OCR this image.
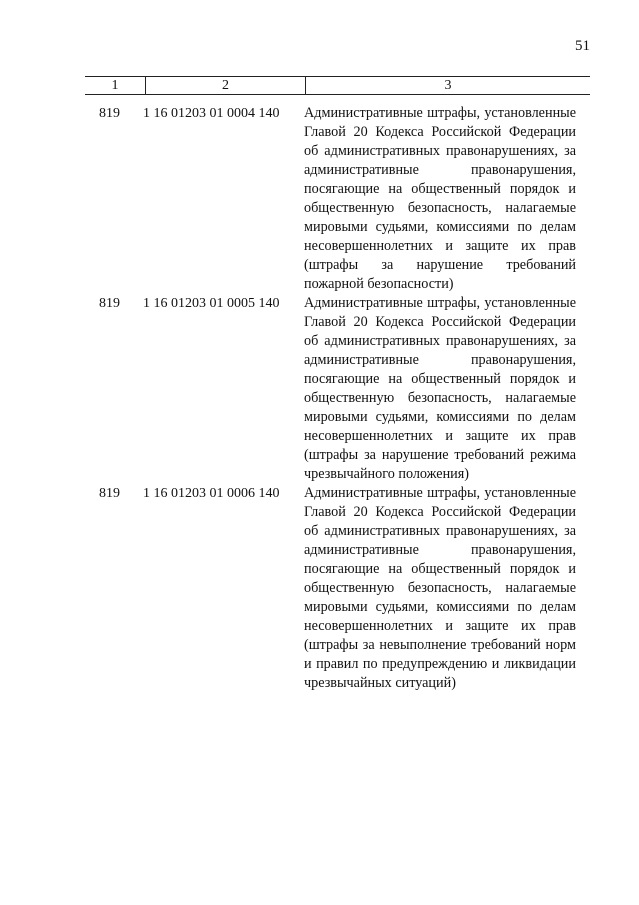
51
1	2	3
819	1 16 01203 01 0004 140	Административные штрафы, установленные Главой 20 Кодекса Российской Федерации об административных правонарушениях, за административные правонарушения, посягающие на общественный порядок и общественную безопасность, налагаемые мировыми судьями, комиссиями по делам несовершеннолетних и защите их прав (штрафы за нарушение требований пожарной безопасности)
819	1 16 01203 01 0005 140	Административные штрафы, установленные Главой 20 Кодекса Российской Федерации об административных правонарушениях, за административные правонарушения, посягающие на общественный порядок и общественную безопасность, налагаемые мировыми судьями, комиссиями по делам несовершеннолетних и защите их прав (штрафы за нарушение требований режима чрезвычайного положения)
819	1 16 01203 01 0006 140	Административные штрафы, установленные Главой 20 Кодекса Российской Федерации об административных правонарушениях, за административные правонарушения, посягающие на общественный порядок и общественную безопасность, налагаемые мировыми судьями, комиссиями по делам несовершеннолетних и защите их прав (штрафы за невыполнение требований норм и правил по предупреждению и ликвидации чрезвычайных ситуаций)
